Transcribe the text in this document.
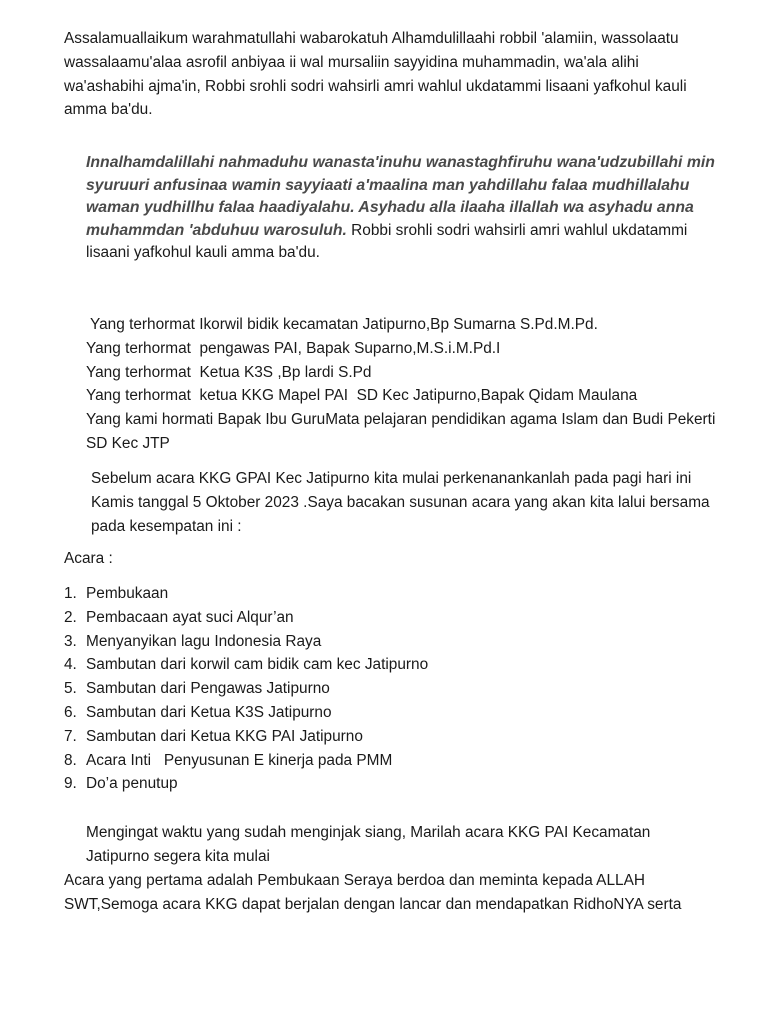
Assalamuallaikum warahmatullahi wabarokatuh Alhamdulillaahi robbil 'alamiin, wassolaatu wassalaamu'alaa asrofil anbiyaa ii wal mursaliin sayyidina muhammadin, wa'ala alihi wa'ashabihi ajma'in, Robbi srohli sodri wahsirli amri wahlul ukdatammi lisaani yafkohul kauli amma ba'du.

Innalhamdalillahi nahmaduhu wanasta'inuhu wanastaghfiruhu wana'udzubillahi min syuruuri anfusinaa wamin sayyiaati a'maalina man yahdillahu falaa mudhillalahu waman yudhillhu falaa haadiyalahu. Asyhadu alla ilaaha illallah wa asyhadu anna muhammdan 'abduhuu warosuluh. Robbi srohli sodri wahsirli amri wahlul ukdatammi lisaani yafkohul kauli amma ba'du.

Yang terhormat Ikorwil bidik kecamatan Jatipurno,Bp Sumarna S.Pd.M.Pd.

Yang terhormat  pengawas PAI, Bapak Suparno,M.S.i.M.Pd.I

Yang terhormat  Ketua K3S ,Bp lardi S.Pd

Yang terhormat  ketua KKG Mapel PAI  SD Kec Jatipurno,Bapak Qidam Maulana

Yang kami hormati Bapak Ibu GuruMata pelajaran pendidikan agama Islam dan Budi Pekerti SD Kec JTP

Sebelum acara KKG GPAI Kec Jatipurno kita mulai perkenanankanlah pada pagi hari ini Kamis tanggal 5 Oktober 2023 .Saya bacakan susunan acara yang akan kita lalui bersama pada kesempatan ini :

Acara :

1. Pembukaan
2. Pembacaan ayat suci Alqur’an
3. Menyanyikan lagu Indonesia Raya
4. Sambutan dari korwil cam bidik cam kec Jatipurno
5. Sambutan dari Pengawas Jatipurno
6. Sambutan dari Ketua K3S Jatipurno
7. Sambutan dari Ketua KKG PAI Jatipurno
8. Acara Inti   Penyusunan E kinerja pada PMM
9. Do’a penutup

Mengingat waktu yang sudah menginjak siang, Marilah acara KKG PAI Kecamatan Jatipurno segera kita mulai

Acara yang pertama adalah Pembukaan Seraya berdoa dan meminta kepada ALLAH SWT,Semoga acara KKG dapat berjalan dengan lancar dan mendapatkan RidhoNYA serta
